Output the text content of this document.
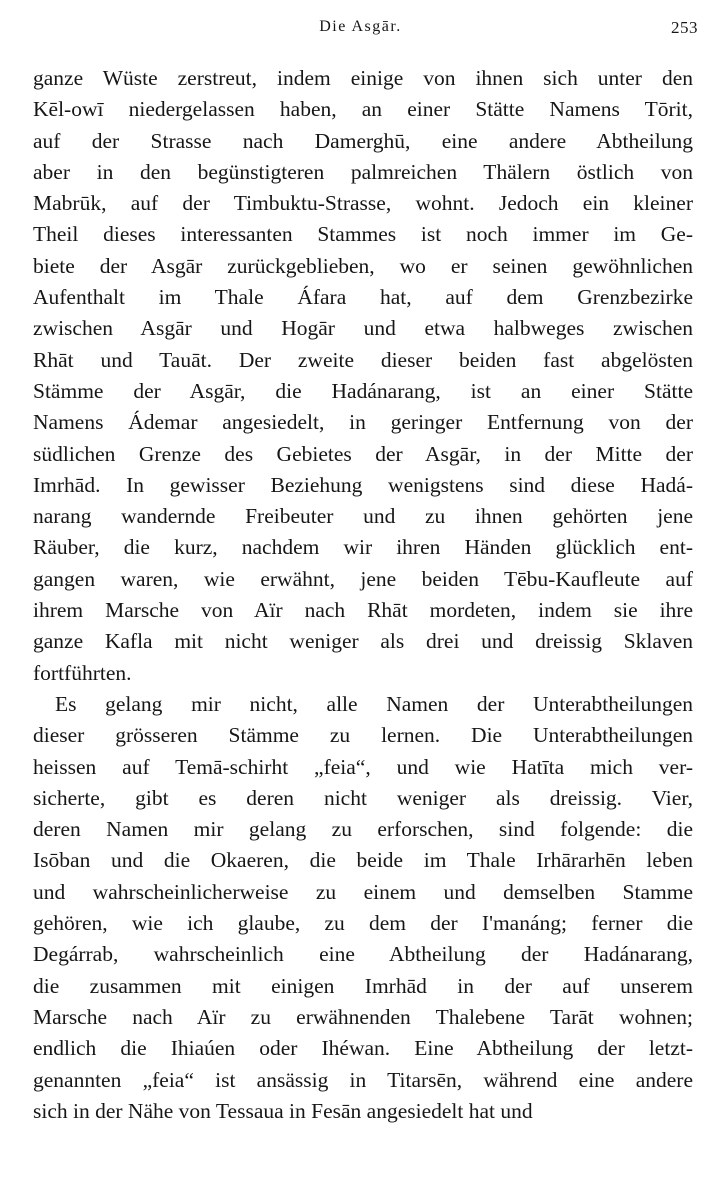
Die Asgār.	253
ganze Wüste zerstreut, indem einige von ihnen sich unter den
Kēl-owī niedergelassen haben, an einer Stätte Namens Tōrit,
auf der Strasse nach Damerghū, eine andere Abtheilung
aber in den begünstigteren palmreichen Thälern östlich von
Mabrūk, auf der Timbuktu-Strasse, wohnt. Jedoch ein kleiner
Theil dieses interessanten Stammes ist noch immer im Ge-
biete der Asgār zurückgeblieben, wo er seinen gewöhnlichen
Aufenthalt im Thale Áfara hat, auf dem Grenzbezirke
zwischen Asgār und Hogār und etwa halbweges zwischen
Rhāt und Tauāt. Der zweite dieser beiden fast abgelösten
Stämme der Asgār, die Hadánarang, ist an einer Stätte
Namens Ádemar angesiedelt, in geringer Entfernung von der
südlichen Grenze des Gebietes der Asgār, in der Mitte der
Imrhād. In gewisser Beziehung wenigstens sind diese Hadá-
narang wandernde Freibeuter und zu ihnen gehörten jene
Räuber, die kurz, nachdem wir ihren Händen glücklich ent-
gangen waren, wie erwähnt, jene beiden Tēbu-Kaufleute auf
ihrem Marsche von Aïr nach Rhāt mordeten, indem sie ihre
ganze Kafla mit nicht weniger als drei und dreissig Sklaven
fortführten.
Es gelang mir nicht, alle Namen der Unterabtheilungen
dieser grösseren Stämme zu lernen. Die Unterabtheilungen
heissen auf Temā-schirht „feia“, und wie Hatīta mich ver-
sicherte, gibt es deren nicht weniger als dreissig. Vier,
deren Namen mir gelang zu erforschen, sind folgende: die
Isōban und die Okaeren, die beide im Thale Irhārarhēn leben
und wahrscheinlicherweise zu einem und demselben Stamme
gehören, wie ich glaube, zu dem der I'manáng; ferner die
Degárrab, wahrscheinlich eine Abtheilung der Hadánarang,
die zusammen mit einigen Imrhād in der auf unserem
Marsche nach Aïr zu erwähnenden Thalebene Tarāt wohnen;
endlich die Ihiaúen oder Ihéwan. Eine Abtheilung der letzt-
genannten „feia“ ist ansässig in Titarsēn, während eine andere
sich in der Nähe von Tessaua in Fesān angesiedelt hat und
